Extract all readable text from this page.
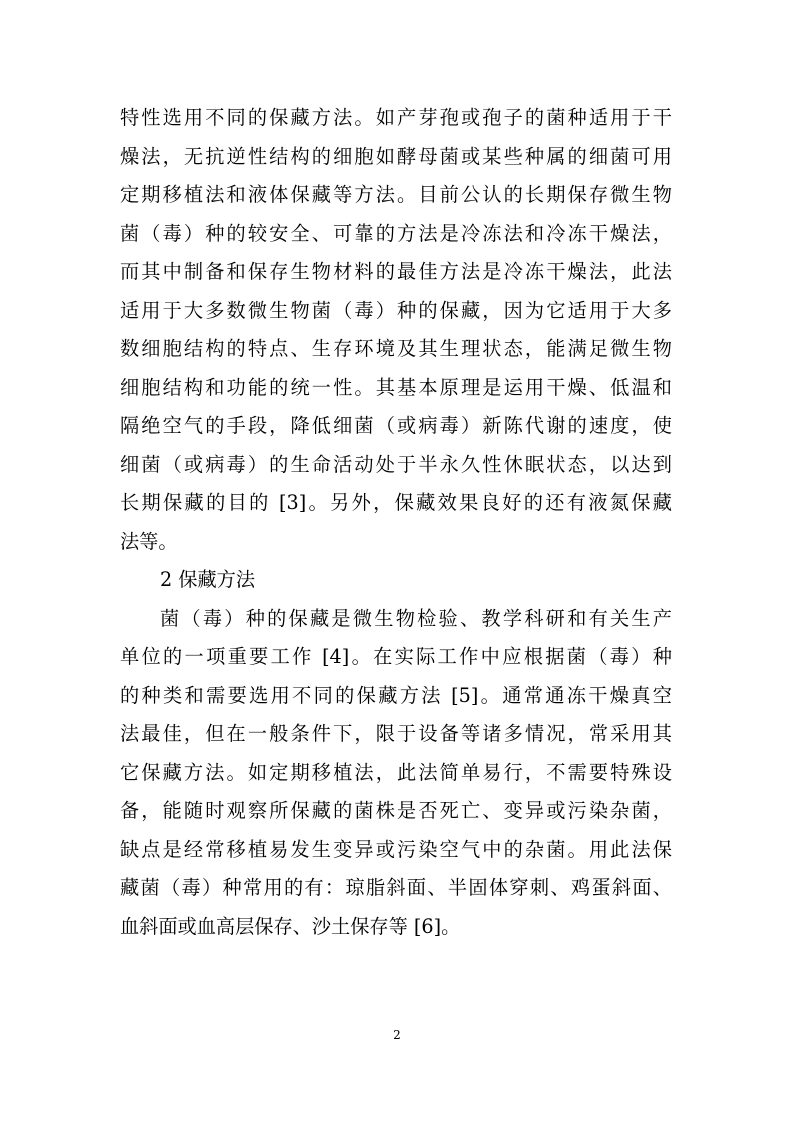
特性选用不同的保藏方法。如产芽孢或孢子的菌种适用于干
燥法，无抗逆性结构的细胞如酵母菌或某些种属的细菌可用
定期移植法和液体保藏等方法。目前公认的长期保存微生物
菌（毒）种的较安全、可靠的方法是冷冻法和冷冻干燥法，
而其中制备和保存生物材料的最佳方法是冷冻干燥法，此法
适用于大多数微生物菌（毒）种的保藏，因为它适用于大多
数细胞结构的特点、生存环境及其生理状态，能满足微生物
细胞结构和功能的统一性。其基本原理是运用干燥、低温和
隔绝空气的手段，降低细菌（或病毒）新陈代谢的速度，使
细菌（或病毒）的生命活动处于半永久性休眠状态，以达到
长期保藏的目的 [3]。另外，保藏效果良好的还有液氮保藏
法等。
2 保藏方法
菌（毒）种的保藏是微生物检验、教学科研和有关生产
单位的一项重要工作 [4]。在实际工作中应根据菌（毒）种
的种类和需要选用不同的保藏方法 [5]。通常通冻干燥真空
法最佳，但在一般条件下，限于设备等诸多情况，常采用其
它保藏方法。如定期移植法，此法简单易行，不需要特殊设
备，能随时观察所保藏的菌株是否死亡、变异或污染杂菌，
缺点是经常移植易发生变异或污染空气中的杂菌。用此法保
藏菌（毒）种常用的有：琼脂斜面、半固体穿刺、鸡蛋斜面、
血斜面或血高层保存、沙土保存等 [6]。
2
